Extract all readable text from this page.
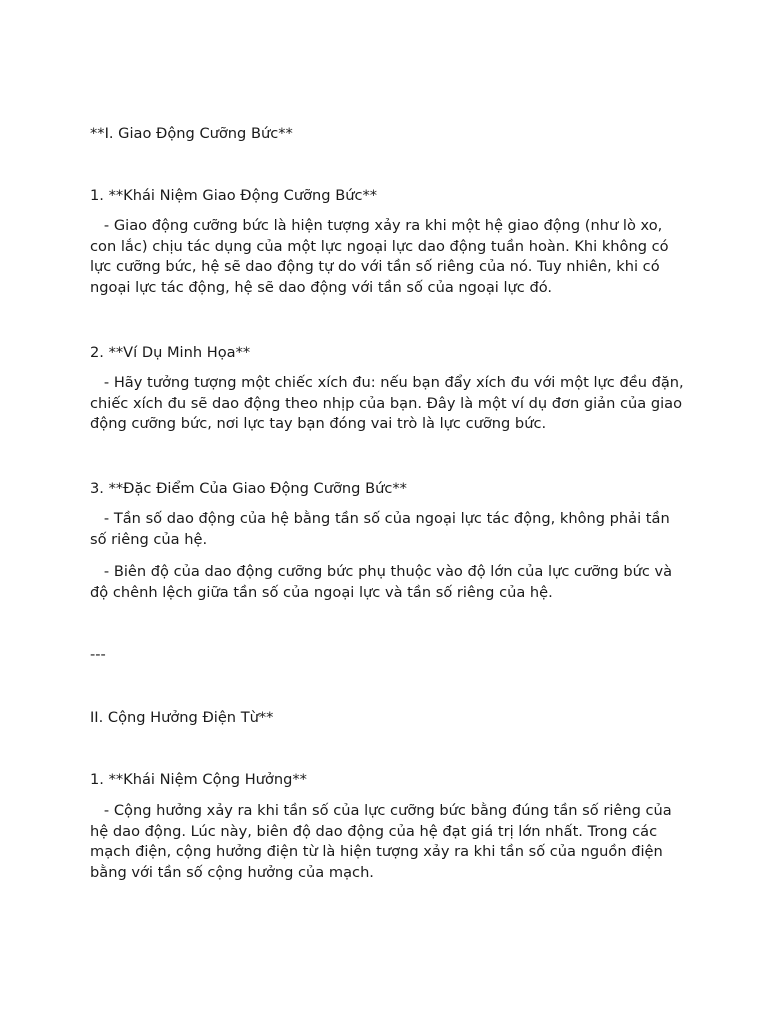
**I. Giao Động Cưỡng Bức**
1. **Khái Niệm Giao Động Cưỡng Bức**
- Giao động cưỡng bức là hiện tượng xảy ra khi một hệ giao động (như lò xo, con lắc) chịu tác dụng của một lực ngoại lực dao động tuần hoàn. Khi không có lực cưỡng bức, hệ sẽ dao động tự do với tần số riêng của nó. Tuy nhiên, khi có ngoại lực tác động, hệ sẽ dao động với tần số của ngoại lực đó.
2. **Ví Dụ Minh Họa**
- Hãy tưởng tượng một chiếc xích đu: nếu bạn đẩy xích đu với một lực đều đặn, chiếc xích đu sẽ dao động theo nhịp của bạn. Đây là một ví dụ đơn giản của giao động cưỡng bức, nơi lực tay bạn đóng vai trò là lực cưỡng bức.
3. **Đặc Điểm Của Giao Động Cưỡng Bức**
- Tần số dao động của hệ bằng tần số của ngoại lực tác động, không phải tần số riêng của hệ.
- Biên độ của dao động cưỡng bức phụ thuộc vào độ lớn của lực cưỡng bức và độ chênh lệch giữa tần số của ngoại lực và tần số riêng của hệ.
---
II. Cộng Hưởng Điện Từ**
1. **Khái Niệm Cộng Hưởng**
- Cộng hưởng xảy ra khi tần số của lực cưỡng bức bằng đúng tần số riêng của hệ dao động. Lúc này, biên độ dao động của hệ đạt giá trị lớn nhất. Trong các mạch điện, cộng hưởng điện từ là hiện tượng xảy ra khi tần số của nguồn điện bằng với tần số cộng hưởng của mạch.
